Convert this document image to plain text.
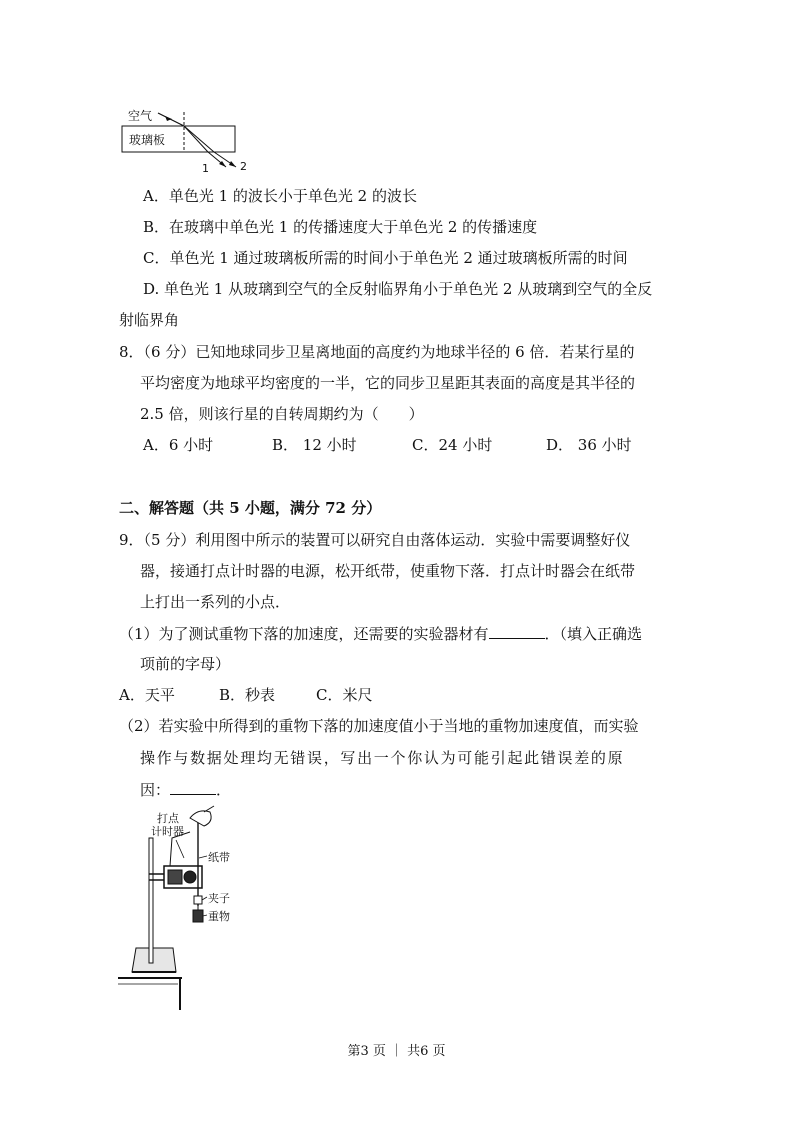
空气
玻璃板
1	2
A．单色光 1 的波长小于单色光 2 的波长
B．在玻璃中单色光 1 的传播速度大于单色光 2 的传播速度
C．单色光 1 通过玻璃板所需的时间小于单色光 2 通过玻璃板所需的时间
D. 单色光 1 从玻璃到空气的全反射临界角小于单色光 2 从玻璃到空气的全反
射临界角
8．（6 分）已知地球同步卫星离地面的高度约为地球半径的 6 倍．若某行星的
平均密度为地球平均密度的一半，它的同步卫星距其表面的高度是其半径的
2.5 倍，则该行星的自转周期约为（　　）
A．6 小时	B． 12 小时	C．24 小时	D． 36 小时
二、解答题（共 5 小题，满分 72 分）
9．（5 分）利用图中所示的装置可以研究自由落体运动．实验中需要调整好仪
器，接通打点计时器的电源，松开纸带，使重物下落．打点计时器会在纸带
上打出一系列的小点．
（1）为了测试重物下落的加速度，还需要的实验器材有	．（填入正确选
项前的字母）
A．天平	B．秒表	C．米尺
（2）若实验中所得到的重物下落的加速度值小于当地的重物加速度值，而实验
操作与数据处理均无错误，写出一个你认为可能引起此错误差的原
因：	．
打点
计时器
纸带
夹子
重物
第3 页 ｜ 共6 页
